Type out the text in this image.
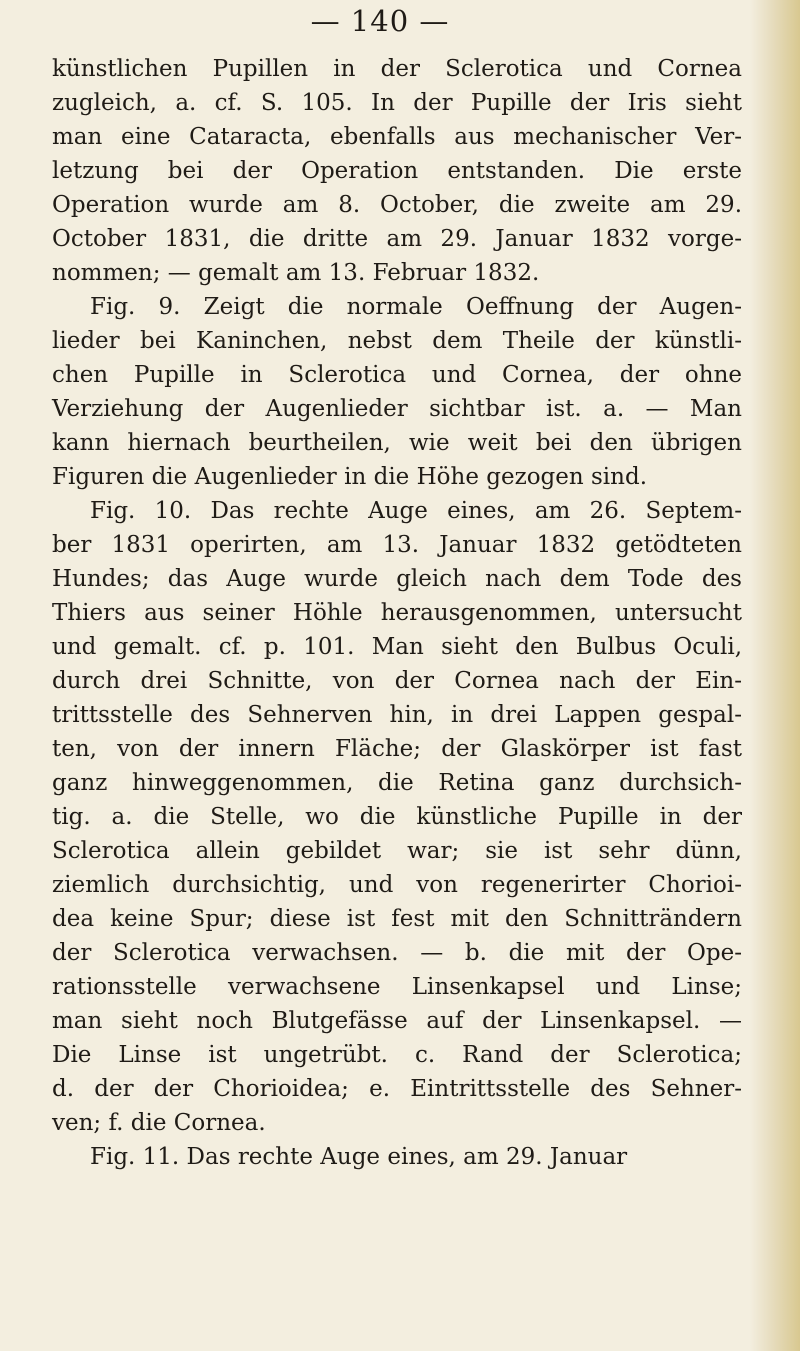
— 140 —
künstlichen Pupillen in der Sclerotica und Cornea
zugleich, a. cf. S. 105. In der Pupille der Iris sieht
man eine Cataracta, ebenfalls aus mechanischer Ver-
letzung bei der Operation entstanden. Die erste
Operation wurde am 8. October, die zweite am 29.
October 1831, die dritte am 29. Januar 1832 vorge-
nommen; — gemalt am 13. Februar 1832.
Fig. 9. Zeigt die normale Oeffnung der Augen-
lieder bei Kaninchen, nebst dem Theile der künstli-
chen Pupille in Sclerotica und Cornea, der ohne
Verziehung der Augenlieder sichtbar ist. a. — Man
kann hiernach beurtheilen, wie weit bei den übrigen
Figuren die Augenlieder in die Höhe gezogen sind.
Fig. 10. Das rechte Auge eines, am 26. Septem-
ber 1831 operirten, am 13. Januar 1832 getödteten
Hundes; das Auge wurde gleich nach dem Tode des
Thiers aus seiner Höhle herausgenommen, untersucht
und gemalt. cf. p. 101. Man sieht den Bulbus Oculi,
durch drei Schnitte, von der Cornea nach der Ein-
trittsstelle des Sehnerven hin, in drei Lappen gespal-
ten, von der innern Fläche; der Glaskörper ist fast
ganz hinweggenommen, die Retina ganz durchsich-
tig. a. die Stelle, wo die künstliche Pupille in der
Sclerotica allein gebildet war; sie ist sehr dünn,
ziemlich durchsichtig, und von regenerirter Chorioi-
dea keine Spur; diese ist fest mit den Schnitträndern
der Sclerotica verwachsen. — b. die mit der Ope-
rationsstelle verwachsene Linsenkapsel und Linse;
man sieht noch Blutgefässe auf der Linsenkapsel. —
Die Linse ist ungetrübt. c. Rand der Sclerotica;
d. der der Chorioidea; e. Eintrittsstelle des Sehner-
ven; f. die Cornea.
Fig. 11. Das rechte Auge eines, am 29. Januar
